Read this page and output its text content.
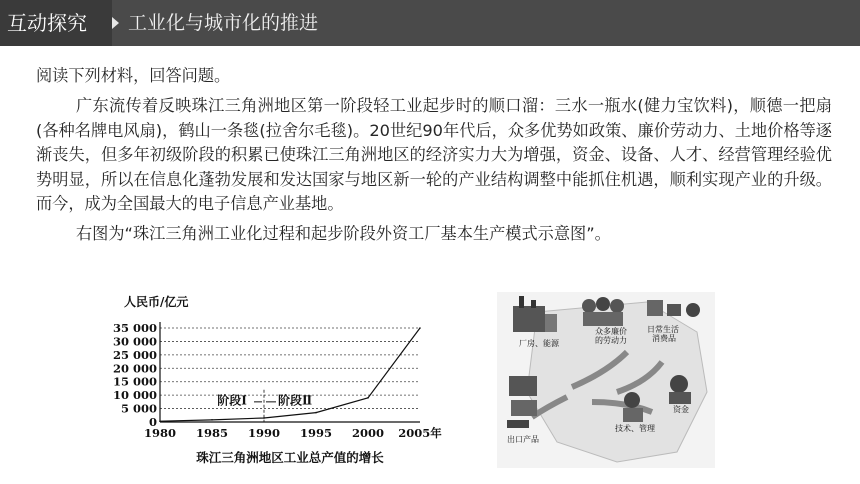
互动探究	工业化与城市化的推进

阅读下列材料，回答问题。

广东流传着反映珠江三角洲地区第一阶段轻工业起步时的顺口溜：三水一瓶水(健力宝饮料)，顺德一把扇(各种名牌电风扇)，鹤山一条毯(拉舍尔毛毯)。20世纪90年代后，众多优势如政策、廉价劳动力、土地价格等逐渐丧失，但多年初级阶段的积累已使珠江三角洲地区的经济实力大为增强，资金、设备、人才、经营管理经验优势明显，所以在信息化蓬勃发展和发达国家与地区新一轮的产业结构调整中能抓住机遇，顺利实现产业的升级。而今，成为全国最大的电子信息产业基地。

右图为“珠江三角洲工业化过程和起步阶段外资工厂基本生产模式示意图”。

人民币/亿元
0
5 000
10 000
15 000
20 000
25 000
30 000
35 000
1980 1985 1990 1995 2000 2005年
阶段Ⅰ	阶段Ⅱ
珠江三角洲地区工业总产值的增长
厂房、能源
众多廉价
的劳动力
日常生活
消费品
资金
技术、管理
出口产品
